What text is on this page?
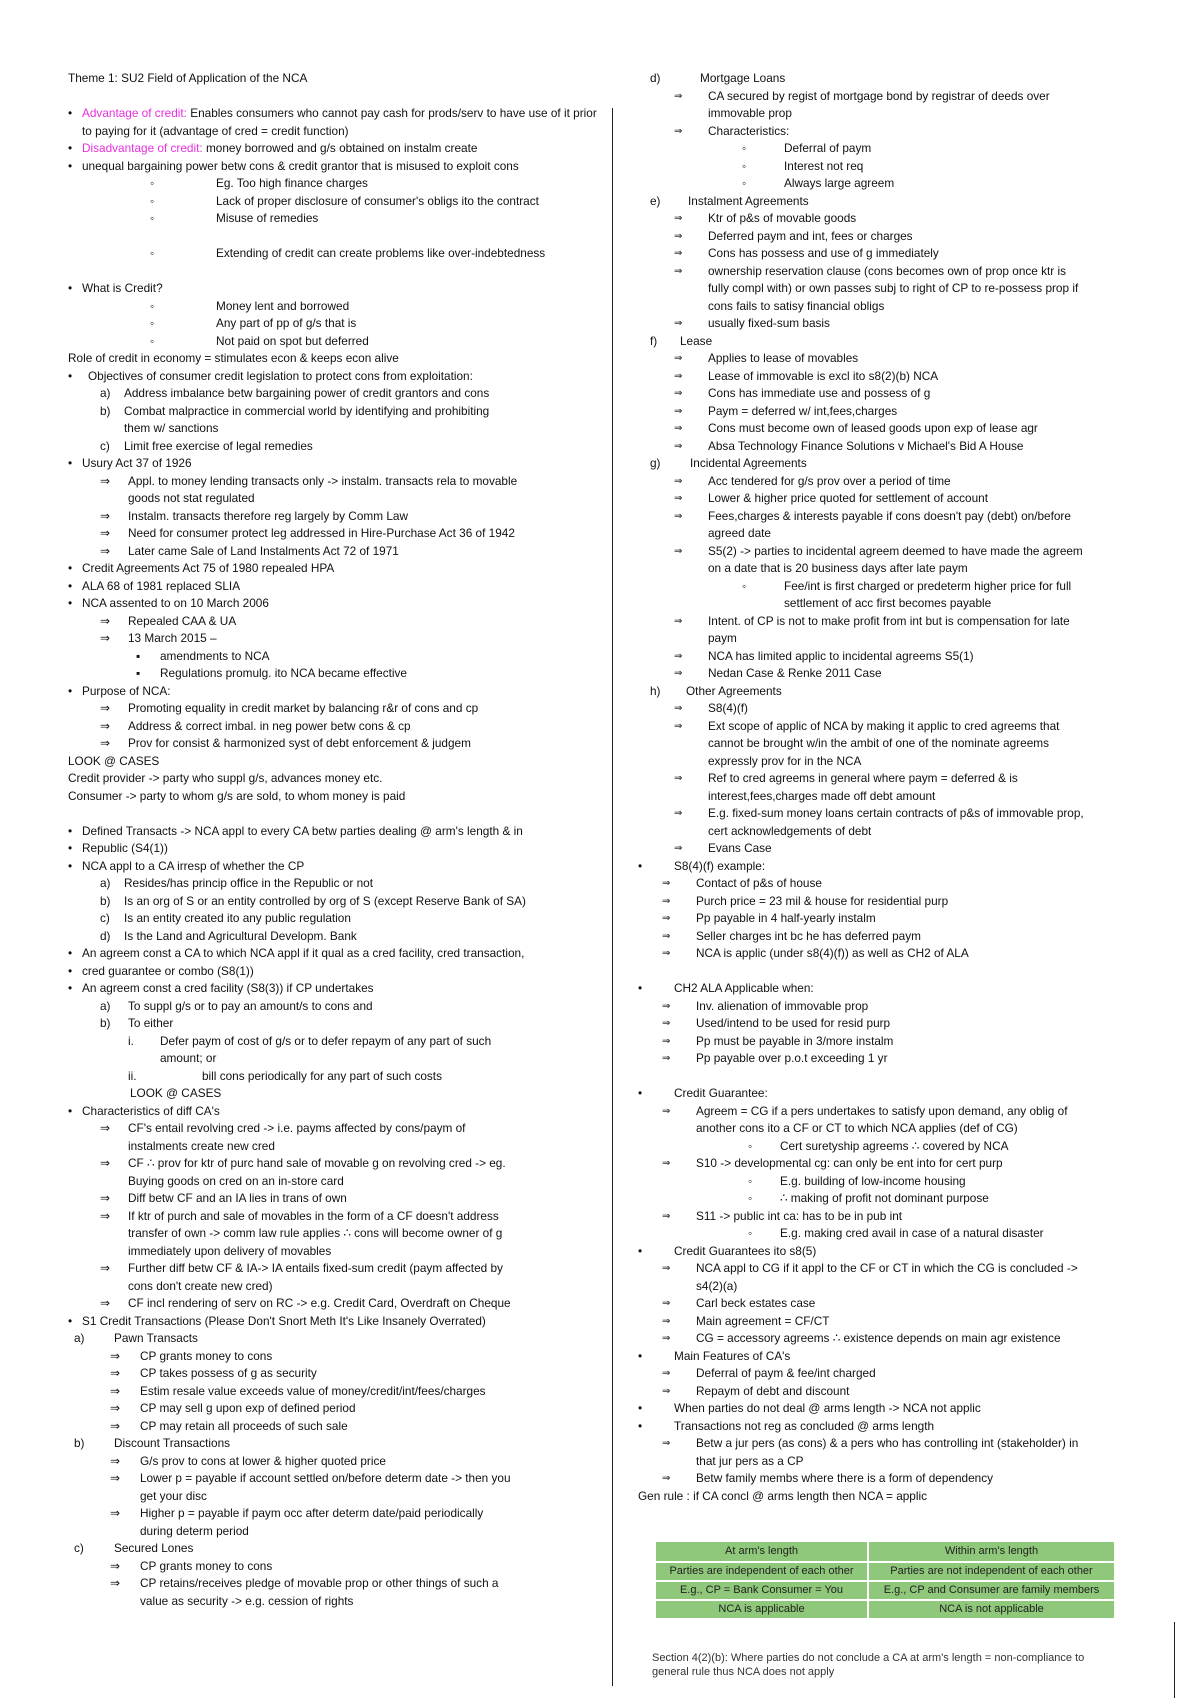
Theme 1: SU2 Field of Application of the NCA
• Advantage of credit: Enables consumers who cannot pay cash for prods/serv to have use of it prior to paying for it (advantage of cred = credit function)
• Disadvantage of credit: money borrowed and g/s obtained on instalm create
• unequal bargaining power betw cons & credit grantor that is misused to exploit cons
◦ Eg. Too high finance charges
◦ Lack of proper disclosure of consumer's obligs ito the contract
◦ Misuse of remedies
◦ Extending of credit can create problems like over-indebtedness
• What is Credit?
◦ Money lent and borrowed
◦ Any part of pp of g/s that is
◦ Not paid on spot but deferred
Role of credit in economy = stimulates econ & keeps econ alive
• Objectives of consumer credit legislation to protect cons from exploitation:
a) Address imbalance betw bargaining power of credit grantors and cons
b) Combat malpractice in commercial world by identifying and prohibiting
them w/ sanctions
c) Limit free exercise of legal remedies
• Usury Act 37 of 1926
⇒ Appl. to money lending transacts only -> instalm. transacts rela to movable
goods not stat regulated
⇒ Instalm. transacts therefore reg largely by Comm Law
⇒ Need for consumer protect leg addressed in Hire-Purchase Act 36 of 1942
⇒ Later came Sale of Land Instalments Act 72 of 1971
• Credit Agreements Act 75 of 1980 repealed HPA
• ALA 68 of 1981 replaced SLIA
• NCA assented to on 10 March 2006
⇒ Repealed CAA & UA
⇒ 13 March 2015 –
▪ amendments to NCA
▪ Regulations promulg. ito NCA became effective
• Purpose of NCA:
⇒ Promoting equality in credit market by balancing r&r of cons and cp
⇒ Address & correct imbal. in neg power betw cons & cp
⇒ Prov for consist & harmonized syst of debt enforcement & judgem
LOOK @ CASES
Credit provider -> party who suppl g/s, advances money etc.
Consumer -> party to whom g/s are sold, to whom money is paid
• Defined Transacts -> NCA appl to every CA betw parties dealing @ arm's length & in
• Republic (S4(1))
• NCA appl to a CA irresp of whether the CP
a) Resides/has princip office in the Republic or not
b) Is an org of S or an entity controlled by org of S (except Reserve Bank of SA)
c) Is an entity created ito any public regulation
d) Is the Land and Agricultural Developm. Bank
• An agreem const a CA to which NCA appl if it qual as a cred facility, cred transaction,
• cred guarantee or combo (S8(1))
• An agreem const a cred facility (S8(3)) if CP undertakes
a) To suppl g/s or to pay an amount/s to cons and
b) To either
i. Defer paym of cost of g/s or to defer repaym of any part of such
amount; or
ii.	bill cons periodically for any part of such costs
LOOK @ CASES
• Characteristics of diff CA's
⇒ CF's entail revolving cred -> i.e. payms affected by cons/paym of
instalments create new cred
⇒ CF ∴ prov for ktr of purc hand sale of movable g on revolving cred -> eg.
Buying goods on cred on an in-store card
⇒ Diff betw CF and an IA lies in trans of own
⇒ If ktr of purch and sale of movables in the form of a CF doesn't address
transfer of own -> comm law rule applies ∴ cons will become owner of g
immediately upon delivery of movables
⇒ Further diff betw CF & IA-> IA entails fixed-sum credit (paym affected by
cons don't create new cred)
⇒ CF incl rendering of serv on RC -> e.g. Credit Card, Overdraft on Cheque
• S1 Credit Transactions (Please Don't Snort Meth It's Like Insanely Overrated)
a)	Pawn Transacts
⇒ CP grants money to cons
⇒ CP takes possess of g as security
⇒ Estim resale value exceeds value of money/credit/int/fees/charges
⇒ CP may sell g upon exp of defined period
⇒ CP may retain all proceeds of such sale
b)	Discount Transactions
⇒ G/s prov to cons at lower & higher quoted price
⇒ Lower p = payable if account settled on/before determ date -> then you
get your disc
⇒ Higher p = payable if paym occ after determ date/paid periodically
during determ period
c)	Secured Lones
⇒ CP grants money to cons
⇒ CP retains/receives pledge of movable prop or other things of such a
value as security -> e.g. cession of rights
d)	Mortgage Loans
⇒ CA secured by regist of mortgage bond by registrar of deeds over
immovable prop
⇒ Characteristics:
◦ Deferral of paym
◦ Interest not req
◦ Always large agreem
e) Instalment Agreements
⇒ Ktr of p&s of movable goods
⇒ Deferred paym and int, fees or charges
⇒ Cons has possess and use of g immediately
⇒ ownership reservation clause (cons becomes own of prop once ktr is
fully compl with) or own passes subj to right of CP to re-possess prop if
cons fails to satisy financial obligs
⇒ usually fixed-sum basis
f) Lease
⇒ Applies to lease of movables
⇒ Lease of immovable is excl ito s8(2)(b) NCA
⇒ Cons has immediate use and possess of g
⇒ Paym = deferred w/ int,fees,charges
⇒ Cons must become own of leased goods upon exp of lease agr
⇒ Absa Technology Finance Solutions v Michael's Bid A House
g)	Incidental Agreements
⇒ Acc tendered for g/s prov over a period of time
⇒ Lower & higher price quoted for settlement of account
⇒ Fees,charges & interests payable if cons doesn't pay (debt) on/before
agreed date
⇒ S5(2) -> parties to incidental agreem deemed to have made the agreem
on a date that is 20 business days after late paym
◦ Fee/int is first charged or predeterm higher price for full
settlement of acc first becomes payable
⇒ Intent. of CP is not to make profit from int but is compensation for late
paym
⇒ NCA has limited applic to incidental agreems S5(1)
⇒ Nedan Case & Renke 2011 Case
h) Other Agreements
⇒ S8(4)(f)
⇒ Ext scope of applic of NCA by making it applic to cred agreems that
cannot be brought w/in the ambit of one of the nominate agreems
expressly prov for in the NCA
⇒ Ref to cred agreems in general where paym = deferred & is
interest,fees,charges made off debt amount
⇒ E.g. fixed-sum money loans certain contracts of p&s of immovable prop,
cert acknowledgements of debt
⇒ Evans Case
• S8(4)(f) example:
⇒ Contact of p&s of house
⇒ Purch price = 23 mil & house for residential purp
⇒ Pp payable in 4 half-yearly instalm
⇒ Seller charges int bc he has deferred paym
⇒ NCA is applic (under s8(4)(f)) as well as CH2 of ALA
• CH2 ALA Applicable when:
⇒ Inv. alienation of immovable prop
⇒ Used/intend to be used for resid purp
⇒ Pp must be payable in 3/more instalm
⇒ Pp payable over p.o.t exceeding 1 yr
• Credit Guarantee:
⇒ Agreem = CG if a pers undertakes to satisfy upon demand, any oblig of
another cons ito a CF or CT to which NCA applies (def of CG)
◦ Cert suretyship agreems ∴ covered by NCA
⇒ S10 -> developmental cg: can only be ent into for cert purp
◦ E.g. building of low-income housing
◦ ∴ making of profit not dominant purpose
⇒ S11 -> public int ca: has to be in pub int
◦ E.g. making cred avail in case of a natural disaster
• Credit Guarantees ito s8(5)
⇒ NCA appl to CG if it appl to the CF or CT in which the CG is concluded ->
s4(2)(a)
⇒ Carl beck estates case
⇒ Main agreement = CF/CT
⇒ CG = accessory agreems ∴ existence depends on main agr existence
• Main Features of CA's
⇒ Deferral of paym & fee/int charged
⇒ Repaym of debt and discount
• When parties do not deal @ arms length -> NCA not applic
• Transactions not reg as concluded @ arms length
⇒ Betw a jur pers (as cons) & a pers who has controlling int (stakeholder) in
that jur pers as a CP
⇒ Betw family membs where there is a form of dependency
Gen rule : if CA concl @ arms length then NCA = applic
At arm's length	Within arm's length
Parties are independent of each other	Parties are not independent of each other
E.g., CP = Bank Consumer = You	E.g., CP and Consumer are family members
NCA is applicable	NCA is not applicable
Section 4(2)(b): Where parties do not conclude a CA at arm's length = non-compliance to general rule thus NCA does not apply
